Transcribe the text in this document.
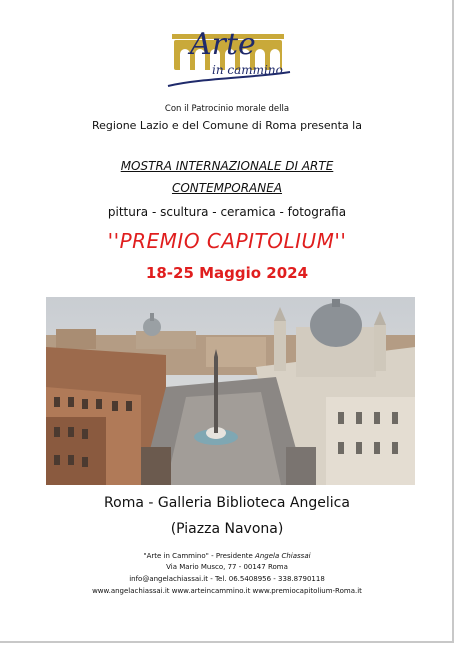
Arte
in cammino
Con il Patrocinio morale della
Regione Lazio e del Comune di Roma presenta la
MOSTRA INTERNAZIONALE DI ARTE
CONTEMPORANEA
pittura - scultura - ceramica - fotografia
''PREMIO CAPITOLIUM''
18-25 Maggio 2024
Roma - Galleria Biblioteca Angelica
(Piazza Navona)
"Arte in Cammino" - Presidente Angela Chiassai
Via Mario Musco, 77 - 00147 Roma
info@angelachiassai.it - Tel. 06.5408956 - 338.8790118
www.angelachiassai.it www.arteincammino.it www.premiocapitolium-Roma.it
